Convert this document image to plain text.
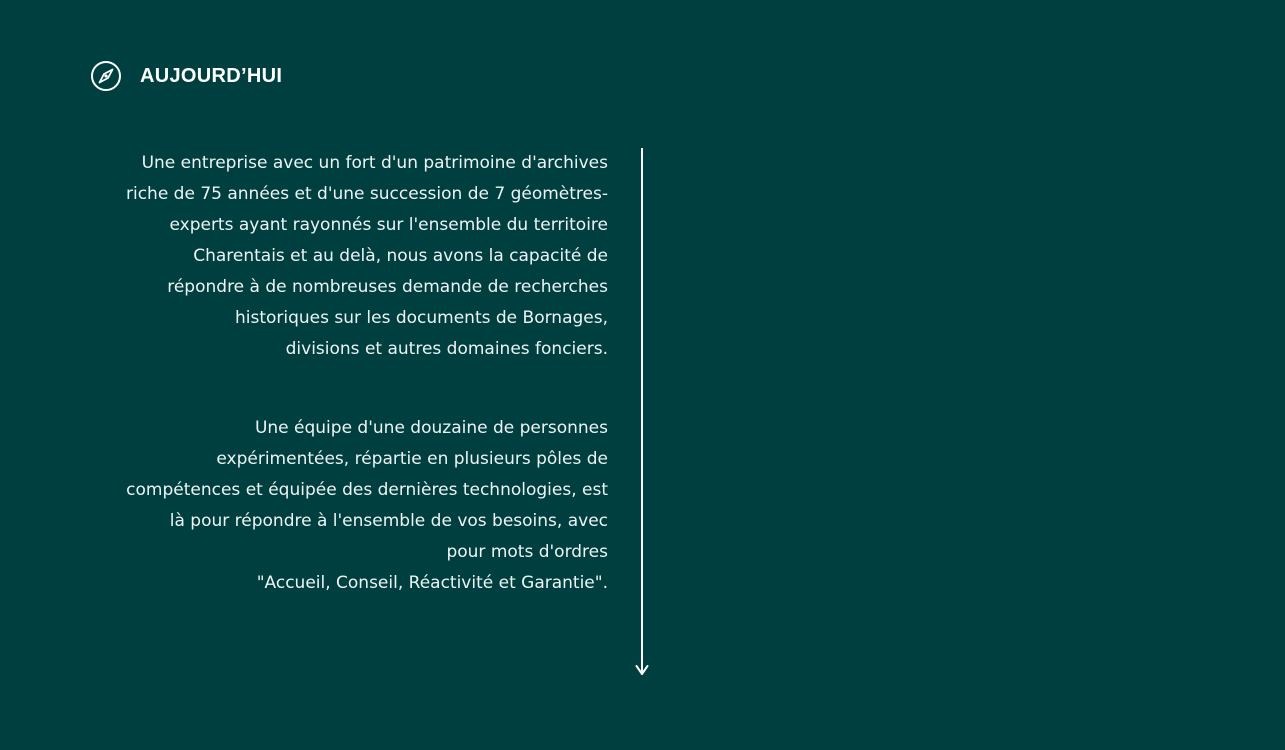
AUJOURD’HUI

Une entreprise avec un fort d'un patrimoine d'archives
riche de 75 années et d'une succession de 7 géomètres-
experts ayant rayonnés sur l'ensemble du territoire
Charentais et au delà, nous avons la capacité de
répondre à de nombreuses demande de recherches
historiques sur les documents de Bornages,
divisions et autres domaines fonciers.

Une équipe d'une douzaine de personnes
expérimentées, répartie en plusieurs pôles de
compétences et équipée des dernières technologies, est
là pour répondre à l'ensemble de vos besoins, avec
pour mots d'ordres
"Accueil, Conseil, Réactivité et Garantie".
